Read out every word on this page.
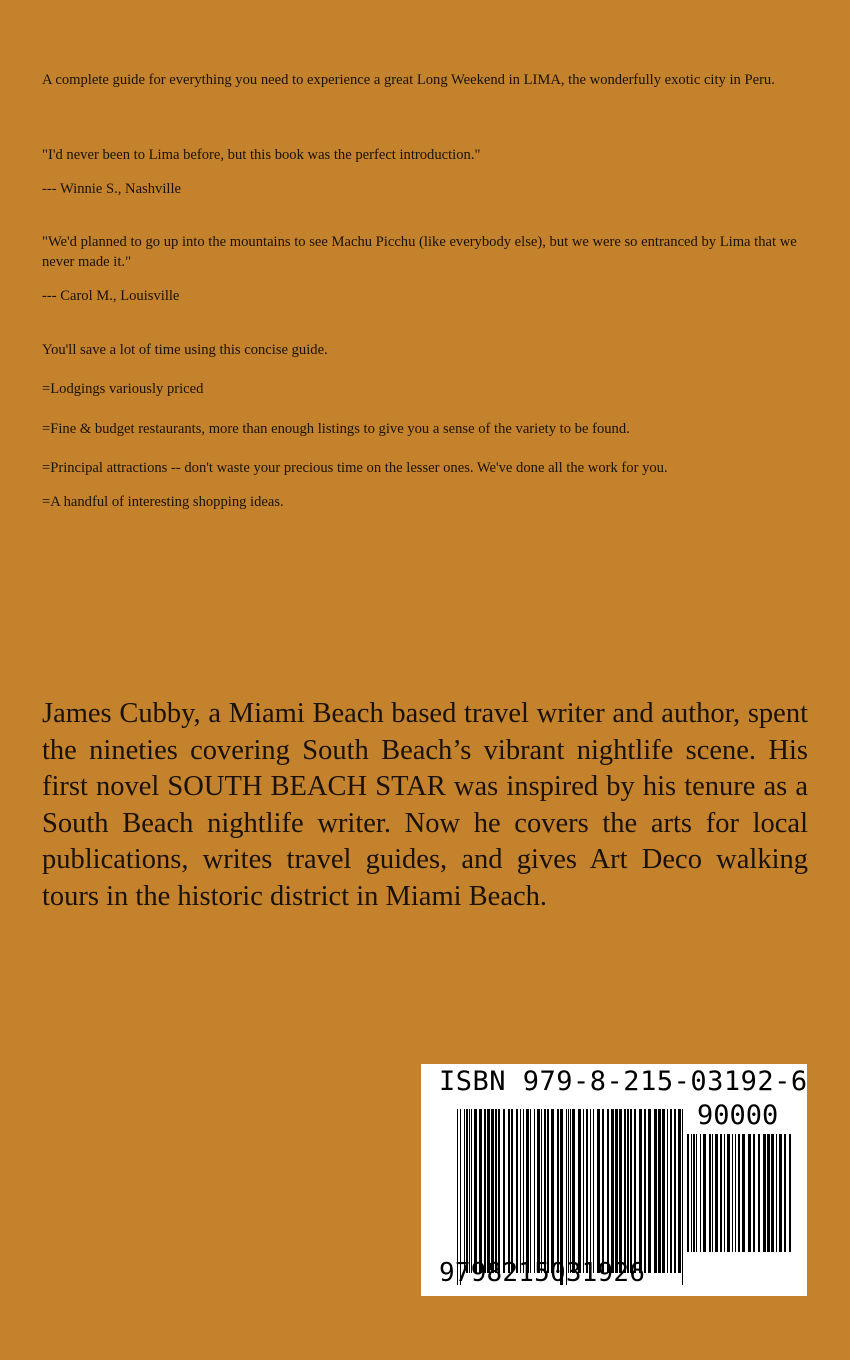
A complete guide for everything you need to experience a great Long Weekend in LIMA, the wonderfully exotic city in Peru.

"I'd never been to Lima before, but this book was the perfect introduction."

--- Winnie S., Nashville

"We'd planned to go up into the mountains to see Machu Picchu (like everybody else), but we were so entranced by Lima that we never made it."

--- Carol M., Louisville

You'll save a lot of time using this concise guide.

=Lodgings variously priced

=Fine & budget restaurants, more than enough listings to give you a sense of the variety to be found.

=Principal attractions -- don't waste your precious time on the lesser ones. We've done all the work for you.

=A handful of interesting shopping ideas.

James Cubby, a Miami Beach based travel writer and author, spent the nineties covering South Beach’s vibrant nightlife scene. His first novel SOUTH BEACH STAR was inspired by his tenure as a South Beach nightlife writer. Now he covers the arts for local publications, writes travel guides, and gives Art Deco walking tours in the historic district in Miami Beach.

ISBN 979-8-215-03192-6
90000
9798215031926
